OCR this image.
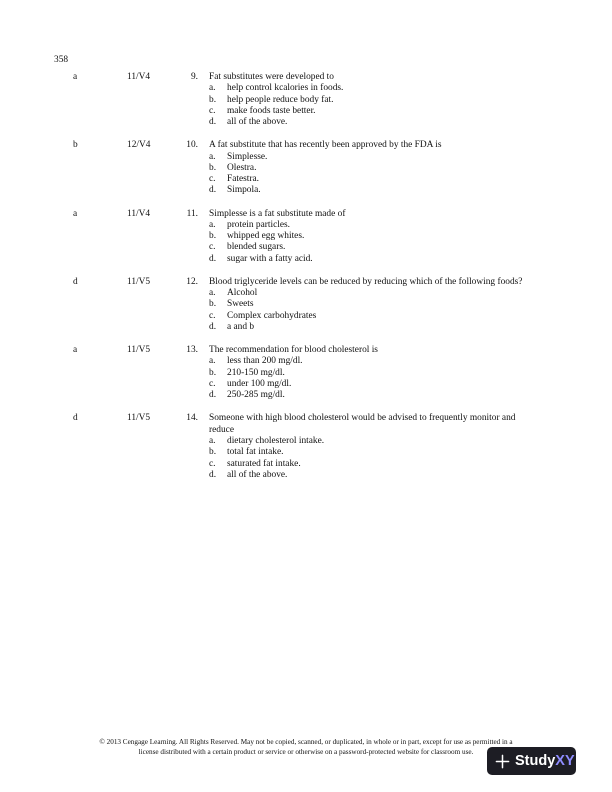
358
a	11/V4	9. Fat substitutes were developed to
a.	help control kcalories in foods.
b.	help people reduce body fat.
c.	make foods taste better.
d.	all of the above.
b	12/V4	10. A fat substitute that has recently been approved by the FDA is
a.	Simplesse.
b.	Olestra.
c.	Fatestra.
d.	Simpola.
a	11/V4	11. Simplesse is a fat substitute made of
a.	protein particles.
b.	whipped egg whites.
c.	blended sugars.
d.	sugar with a fatty acid.
d	11/V5	12. Blood triglyceride levels can be reduced by reducing which of the following foods?
a.	Alcohol
b.	Sweets
c.	Complex carbohydrates
d.	a and b
a	11/V5	13. The recommendation for blood cholesterol is
a.	less than 200 mg/dl.
b.	210-150 mg/dl.
c.	under 100 mg/dl.
d.	250-285 mg/dl.
d	11/V5	14. Someone with high blood cholesterol would be advised to frequently monitor and reduce
a.	dietary cholesterol intake.
b.	total fat intake.
c.	saturated fat intake.
d.	all of the above.
© 2013 Cengage Learning. All Rights Reserved. May not be copied, scanned, or duplicated, in whole or in part, except for use as permitted in a
license distributed with a certain product or service or otherwise on a password-protected website for classroom use.
Study XY
